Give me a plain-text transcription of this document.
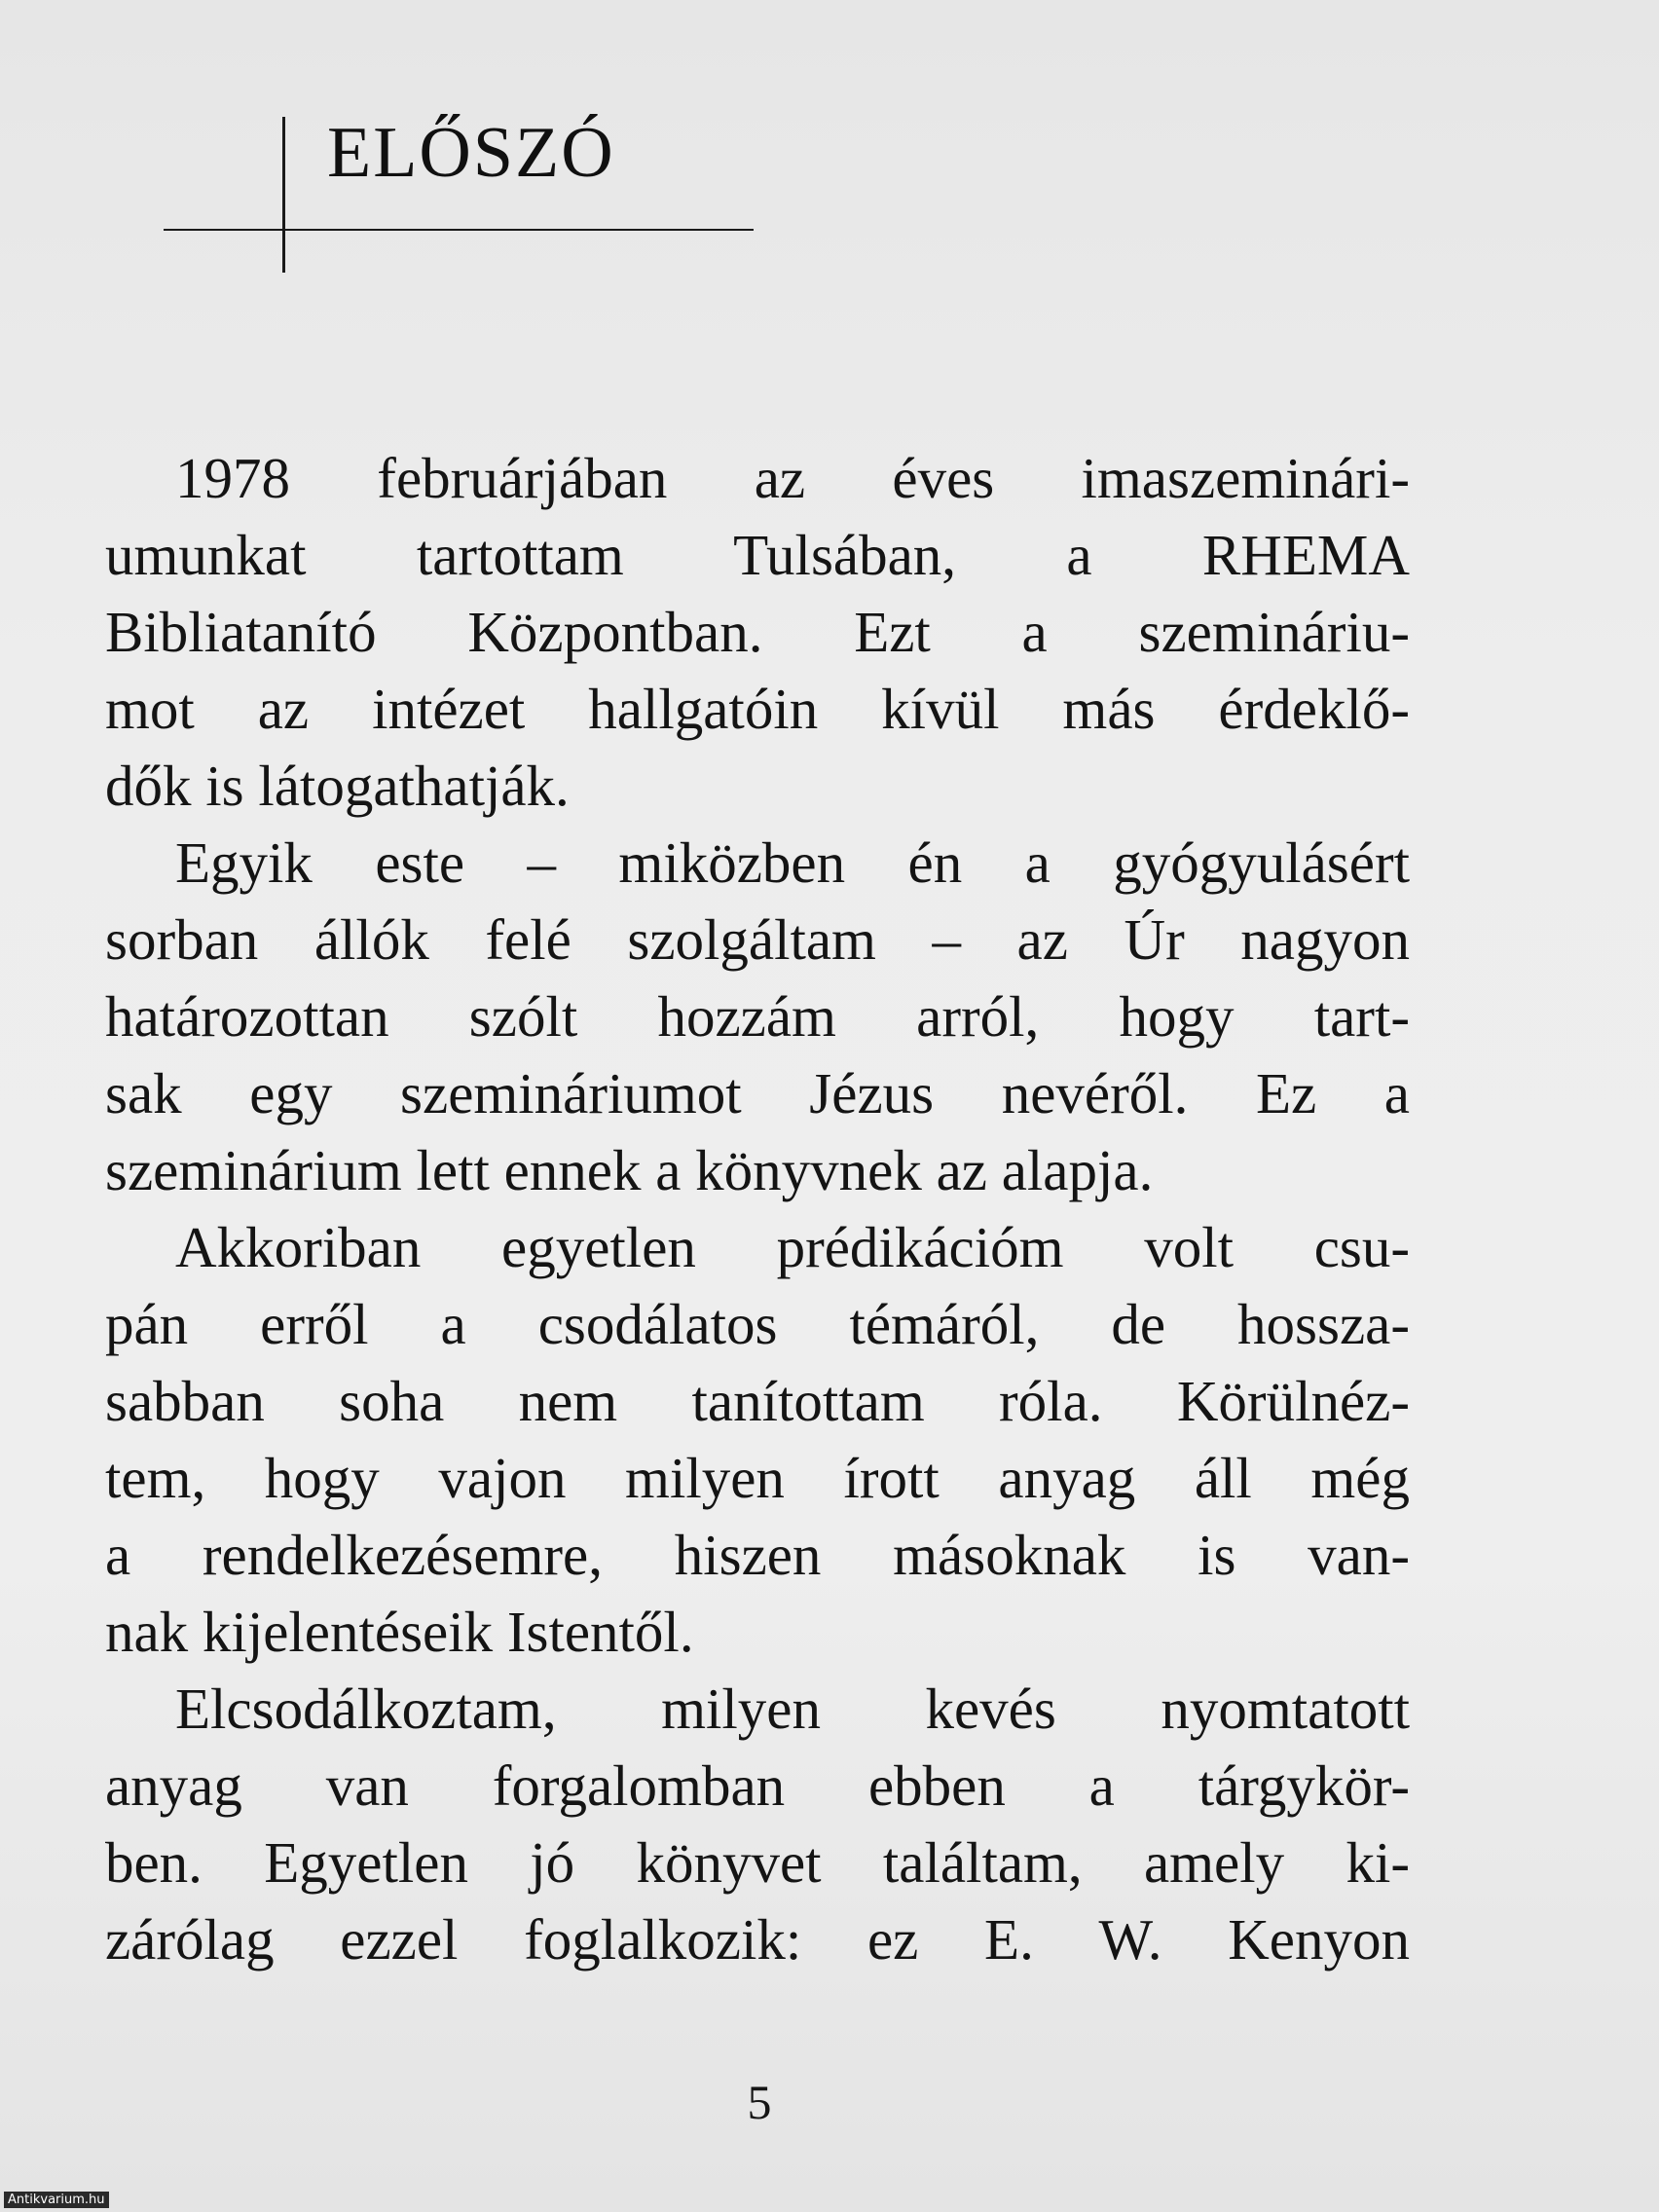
ELŐSZÓ

1978 februárjában az éves imaszeminári-
umunkat tartottam Tulsában, a RHEMA
Bibliatanító Központban. Ezt a szemináriu-
mot az intézet hallgatóin kívül más érdeklő-
dők is látogathatják.

Egyik este – miközben én a gyógyulásért
sorban állók felé szolgáltam – az Úr nagyon
határozottan szólt hozzám arról, hogy tart-
sak egy szemináriumot Jézus nevéről. Ez a
szeminárium lett ennek a könyvnek az alapja.

Akkoriban egyetlen prédikációm volt csu-
pán erről a csodálatos témáról, de hossza-
sabban soha nem tanítottam róla. Körülnéz-
tem, hogy vajon milyen írott anyag áll még
a rendelkezésemre, hiszen másoknak is van-
nak kijelentéseik Istentől.

Elcsodálkoztam, milyen kevés nyomtatott
anyag van forgalomban ebben a tárgykör-
ben. Egyetlen jó könyvet találtam, amely ki-
zárólag ezzel foglalkozik: ez E. W. Kenyon

5
Antikvarium.hu
